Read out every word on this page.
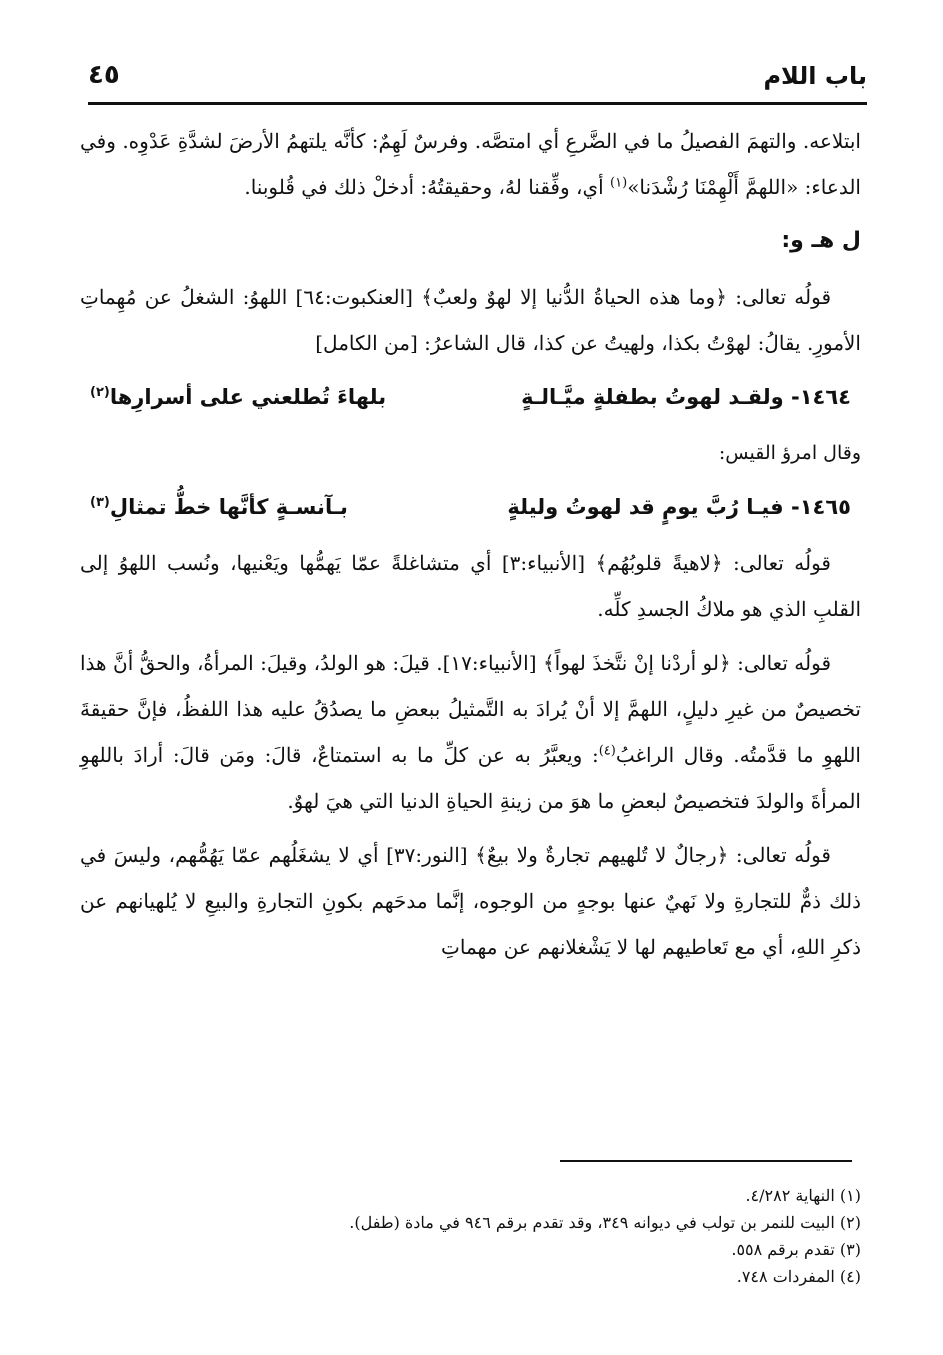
باب اللام
٤٥

ابتلاعه. والتهمَ الفصيلُ ما في الضَّرعِ أي امتصَّه. وفرسٌ لَهِمٌ: كأنَّه يلتهمُ الأرضَ لشدَّةِ عَدْوِه. وفي الدعاء: «اللهمَّ أَلْهِمْنَا رُشْدَنا»$^{(١)}$ أي، وفِّقنا لهُ، وحقيقتُهُ: أدخلْ ذلك في قُلوبنا.

ل هـ و:

قولُه تعالى: ﴿وما هذه الحياةُ الدُّنيا إلا لهوٌ ولعبٌ﴾ [العنكبوت:٦٤] اللهوُ: الشغلُ عن مُهِماتِ الأمورِ. يقالُ: لهوْتُ بكذا، ولهيتُ عن كذا، قال الشاعرُ: [من الكامل]

١٤٦٤- ولقـد لهوتُ بطفلةٍ ميَّـالـةٍ
بلهاءَ تُطلعني على أسرارِها$^{(٢)}$

وقال امرؤ القيس:

١٤٦٥- فيـا رُبَّ يومٍ قد لهوتُ وليلةٍ
بـآنسـةٍ كأنَّها خطُّ تمثالِ$^{(٣)}$

قولُه تعالى: ﴿لاهيةً قلوبُهُم﴾ [الأنبياء:٣] أي متشاغلةً عمّا يَهمُّها ويَعْنيها، ونُسب اللهوُ إلى القلبِ الذي هو ملاكُ الجسدِ كلِّه.

قولُه تعالى: ﴿لو أردْنا إنْ نتَّخذَ لهواً﴾ [الأنبياء:١٧]. قيلَ: هو الولدُ، وقيلَ: المرأةُ، والحقُّ أنَّ هذا تخصيصٌ من غيرِ دليلٍ، اللهمَّ إلا أنْ يُرادَ به التَّمثيلُ ببعضِ ما يصدُقُ عليه هذا اللفظُ، فإنَّ حقيقةَ اللهوِ ما قدَّمتُه. وقال الراغبُ$^{(٤)}$: ويعبَّرُ به عن كلِّ ما به استمتاعٌ، قالَ: ومَن قالَ: أرادَ باللهوِ المرأةَ والولدَ فتخصيصٌ لبعضِ ما هوَ من زينةِ الحياةِ الدنيا التي هيَ لهوٌ.

قولُه تعالى: ﴿رجالٌ لا تُلهيهم تجارةٌ ولا بيعٌ﴾ [النور:٣٧] أي لا يشغَلُهم عمّا يَهُمُّهم، وليسَ في ذلك ذمٌّ للتجارةِ ولا نَهيٌ عنها بوجهٍ من الوجوه، إنَّما مدحَهم بكونِ التجارةِ والبيعِ لا يُلهيانهم عن ذكرِ اللهِ، أي مع تَعاطيهم لها لا يَشْغلانهم عن مهماتِ

(١) النهاية ٤/٢٨٢.
(٢) البيت للنمر بن تولب في ديوانه ٣٤٩، وقد تقدم برقم ٩٤٦ في مادة (طفل).
(٣) تقدم برقم ٥٥٨.
(٤) المفردات ٧٤٨.
